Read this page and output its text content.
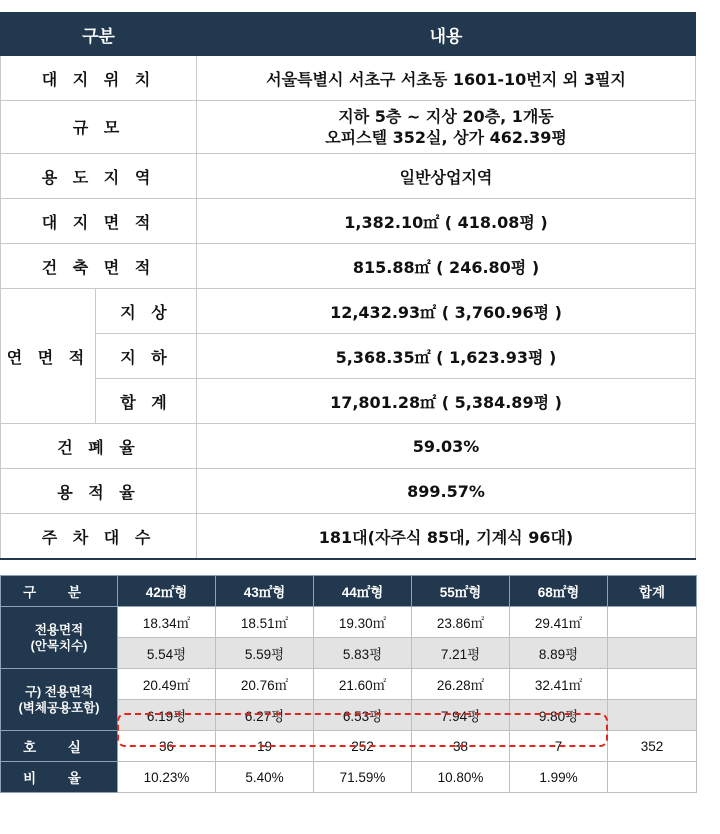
구분		내용
대 지 위 치		서울특별시 서초구 서초동 1601-10번지 외 3필지
규 모		지하 5층 ~ 지상 20층, 1개동
오피스텔 352실, 상가 462.39평

용 도 지 역		일반상업지역
대 지 면 적		1,382.10㎡ ( 418.08평 )
건 축 면 적		815.88㎡ ( 246.80평 )
연 면 적	지 상	12,432.93㎡ ( 3,760.96평 )
	지 하	5,368.35㎡ ( 1,623.93평 )
	합 계	17,801.28㎡ ( 5,384.89평 )
건 폐 율		59.03%
용 적 율		899.57%
주 차 대 수		181대(자주식 85대, 기계식 96대)
구 분	42㎡형	43㎡형	44㎡형	55㎡형	68㎡형	합계

전용면적
(안목치수)	18.34㎡	18.51㎡	19.30㎡	23.86㎡	29.41㎡	
	5.54평	5.59평	5.83평	7.21평	8.89평	

구) 전용면적
(벽체공용포함)	20.49㎡	20.76㎡	21.60㎡	26.28㎡	32.41㎡	
	6.19평	6.27평	6.53평	7.94평	9.80평	
호 실	36	19	252	38	7	352
비 율	10.23%	5.40%	71.59%	10.80%	1.99%	
